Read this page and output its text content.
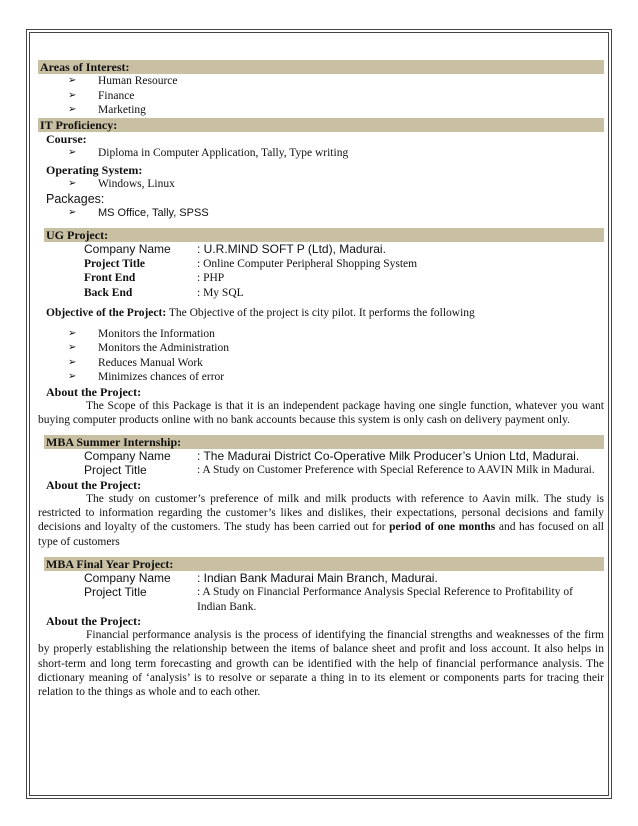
Areas of Interest:
➢ Human Resource
➢ Finance
➢ Marketing
IT Proficiency:
Course:
➢ Diploma in Computer Application, Tally, Type writing
Operating System:
➢ Windows, Linux
Packages:
➢ MS Office, Tally, SPSS
UG Project:
Company Name	: U.R.MIND SOFT P (Ltd), Madurai.
Project Title	: Online Computer Peripheral Shopping System
Front End	: PHP
Back End	: My SQL
Objective of the Project: The Objective of the project is city pilot. It performs the following
➢ Monitors the Information
➢ Monitors the Administration
➢ Reduces Manual Work
➢ Minimizes chances of error
About the Project:
The Scope of this Package is that it is an independent package having one single function, whatever you want buying computer products online with no bank accounts because this system is only cash on delivery payment only.
MBA Summer Internship:
Company Name	: The Madurai District Co-Operative Milk Producer’s Union Ltd, Madurai.
Project Title	: A Study on Customer Preference with Special Reference to AAVIN Milk in Madurai.
About the Project:
The study on customer’s preference of milk and milk products with reference to Aavin milk. The study is restricted to information regarding the customer’s likes and dislikes, their expectations, personal decisions and family decisions and loyalty of the customers. The study has been carried out for period of one months and has focused on all type of customers
MBA Final Year Project:
Company Name	: Indian Bank Madurai Main Branch, Madurai.
Project Title	: A Study on Financial Performance Analysis Special Reference to Profitability of Indian Bank.
About the Project:
Financial performance analysis is the process of identifying the financial strengths and weaknesses of the firm by properly establishing the relationship between the items of balance sheet and profit and loss account. It also helps in short-term and long term forecasting and growth can be identified with the help of financial performance analysis. The dictionary meaning of ‘analysis’ is to resolve or separate a thing in to its element or components parts for tracing their relation to the things as whole and to each other.
